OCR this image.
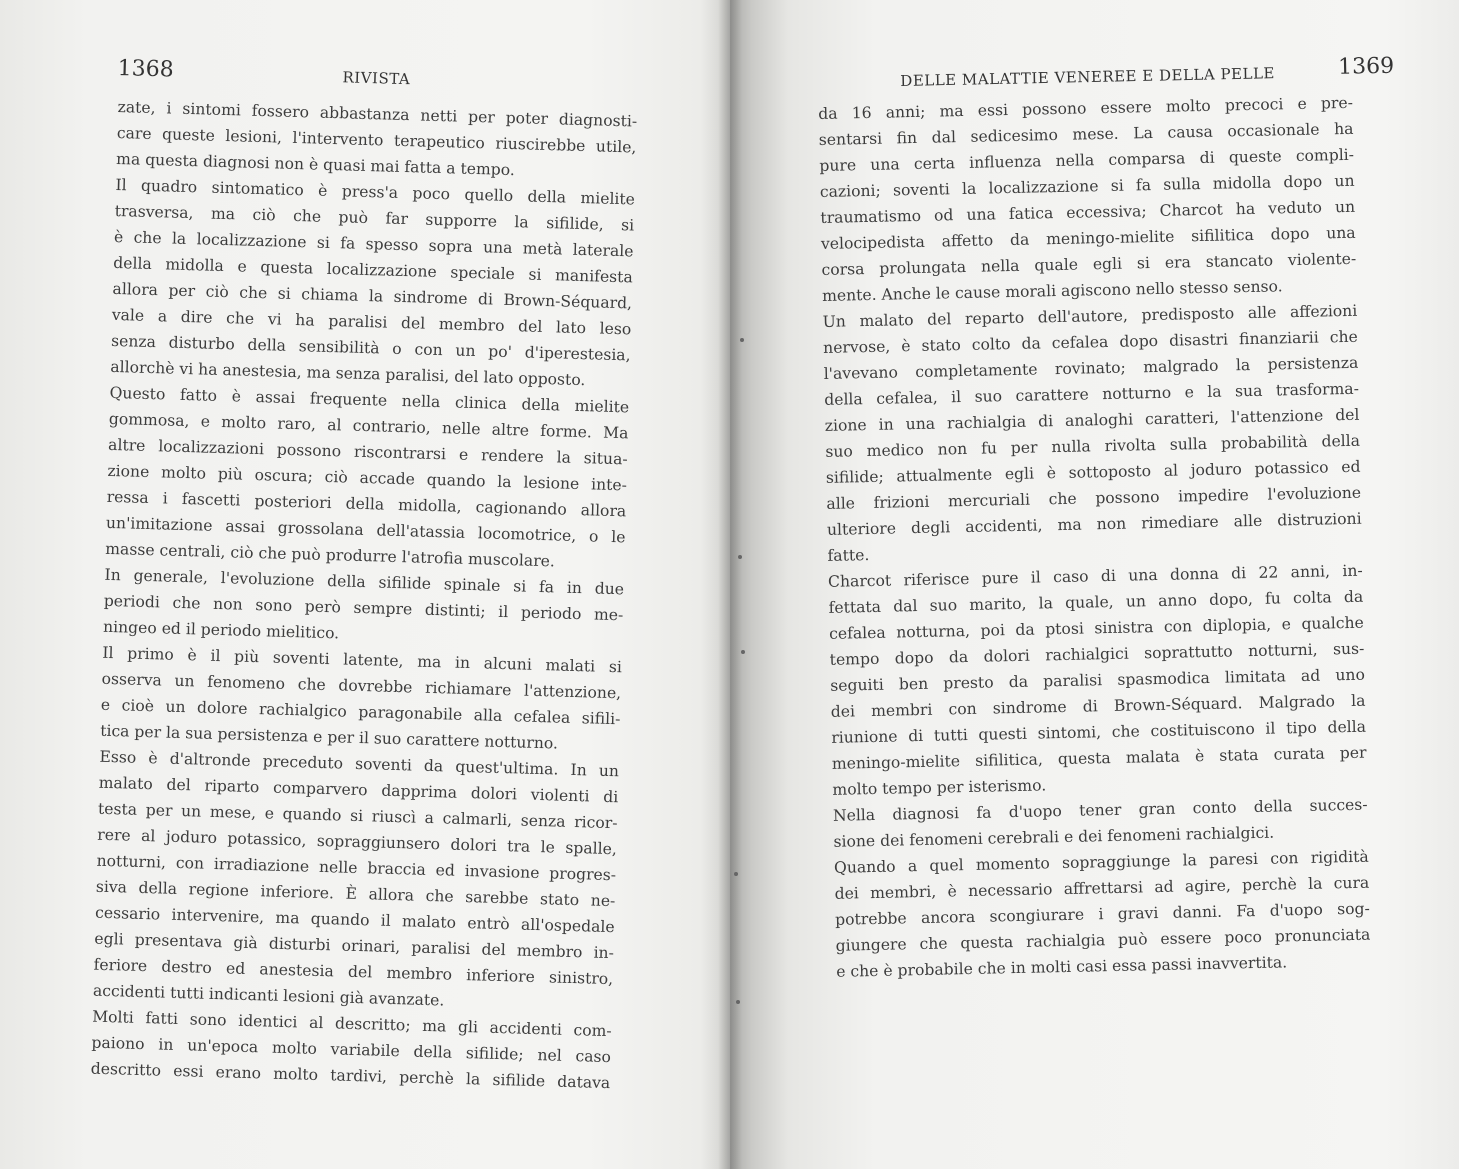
1368	RIVISTA
zate, i sintomi fossero abbastanza netti per poter diagnosti-
care queste lesioni, l'intervento terapeutico riuscirebbe utile,
ma questa diagnosi non è quasi mai fatta a tempo.
Il quadro sintomatico è press'a poco quello della mielite
trasversa, ma ciò che può far supporre la sifilide, si
è che la localizzazione si fa spesso sopra una metà laterale
della midolla e questa localizzazione speciale si manifesta
allora per ciò che si chiama la sindrome di Brown-Séquard,
vale a dire che vi ha paralisi del membro del lato leso
senza disturbo della sensibilità o con un po' d'iperestesia,
allorchè vi ha anestesia, ma senza paralisi, del lato opposto.
Questo fatto è assai frequente nella clinica della mielite
gommosa, e molto raro, al contrario, nelle altre forme. Ma
altre localizzazioni possono riscontrarsi e rendere la situa-
zione molto più oscura; ciò accade quando la lesione inte-
ressa i fascetti posteriori della midolla, cagionando allora
un'imitazione assai grossolana dell'atassia locomotrice, o le
masse centrali, ciò che può produrre l'atrofia muscolare.
In generale, l'evoluzione della sifilide spinale si fa in due
periodi che non sono però sempre distinti; il periodo me-
ningeo ed il periodo mielitico.
Il primo è il più soventi latente, ma in alcuni malati si
osserva un fenomeno che dovrebbe richiamare l'attenzione,
e cioè un dolore rachialgico paragonabile alla cefalea sifili-
tica per la sua persistenza e per il suo carattere notturno.
Esso è d'altronde preceduto soventi da quest'ultima. In un
malato del riparto comparvero dapprima dolori violenti di
testa per un mese, e quando si riuscì a calmarli, senza ricor-
rere al joduro potassico, sopraggiunsero dolori tra le spalle,
notturni, con irradiazione nelle braccia ed invasione progres-
siva della regione inferiore. È allora che sarebbe stato ne-
cessario intervenire, ma quando il malato entrò all'ospedale
egli presentava già disturbi orinari, paralisi del membro in-
feriore destro ed anestesia del membro inferiore sinistro,
accidenti tutti indicanti lesioni già avanzate.
Molti fatti sono identici al descritto; ma gli accidenti com-
paiono in un'epoca molto variabile della sifilide; nel caso
descritto essi erano molto tardivi, perchè la sifilide datava
DELLE MALATTIE VENEREE E DELLA PELLE	1369
da 16 anni; ma essi possono essere molto precoci e pre-
sentarsi fin dal sedicesimo mese. La causa occasionale ha
pure una certa influenza nella comparsa di queste compli-
cazioni; soventi la localizzazione si fa sulla midolla dopo un
traumatismo od una fatica eccessiva; Charcot ha veduto un
velocipedista affetto da meningo-mielite sifilitica dopo una
corsa prolungata nella quale egli si era stancato violente-
mente. Anche le cause morali agiscono nello stesso senso.
Un malato del reparto dell'autore, predisposto alle affezioni
nervose, è stato colto da cefalea dopo disastri finanziarii che
l'avevano completamente rovinato; malgrado la persistenza
della cefalea, il suo carattere notturno e la sua trasforma-
zione in una rachialgia di analoghi caratteri, l'attenzione del
suo medico non fu per nulla rivolta sulla probabilità della
sifilide; attualmente egli è sottoposto al joduro potassico ed
alle frizioni mercuriali che possono impedire l'evoluzione
ulteriore degli accidenti, ma non rimediare alle distruzioni
fatte.
Charcot riferisce pure il caso di una donna di 22 anni, in-
fettata dal suo marito, la quale, un anno dopo, fu colta da
cefalea notturna, poi da ptosi sinistra con diplopia, e qualche
tempo dopo da dolori rachialgici soprattutto notturni, sus-
seguiti ben presto da paralisi spasmodica limitata ad uno
dei membri con sindrome di Brown-Séquard. Malgrado la
riunione di tutti questi sintomi, che costituiscono il tipo della
meningo-mielite sifilitica, questa malata è stata curata per
molto tempo per isterismo.
Nella diagnosi fa d'uopo tener gran conto della succes-
sione dei fenomeni cerebrali e dei fenomeni rachialgici.
Quando a quel momento sopraggiunge la paresi con rigidità
dei membri, è necessario affrettarsi ad agire, perchè la cura
potrebbe ancora scongiurare i gravi danni. Fa d'uopo sog-
giungere che questa rachialgia può essere poco pronunciata
e che è probabile che in molti casi essa passi inavvertita.
